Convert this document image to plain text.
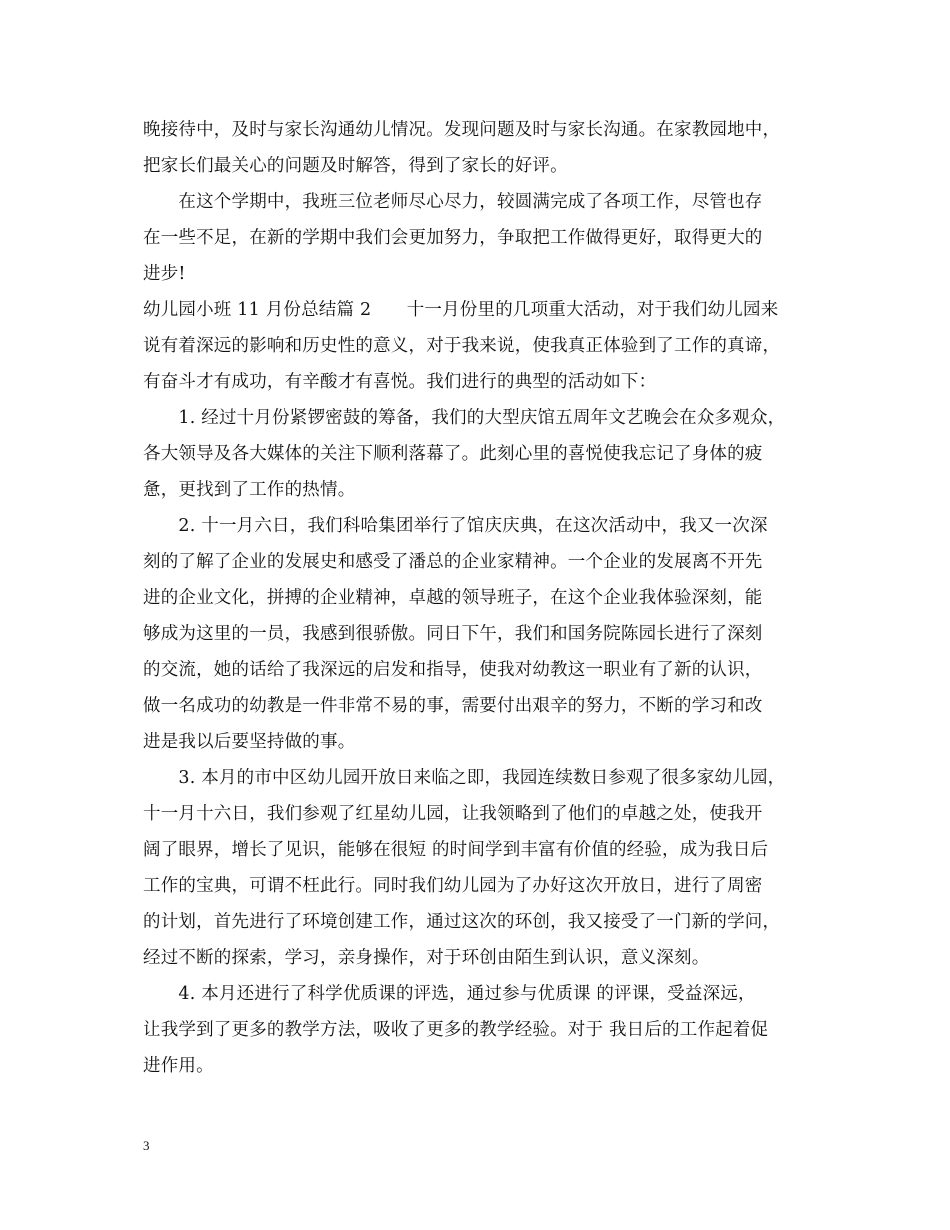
晚接待中，及时与家长沟通幼儿情况。发现问题及时与家长沟通。在家教园地中，
把家长们最关心的问题及时解答，得到了家长的好评。
　　在这个学期中，我班三位老师尽心尽力，较圆满完成了各项工作，尽管也存
在一些不足，在新的学期中我们会更加努力，争取把工作做得更好，取得更大的
进步!
幼儿园小班 11 月份总结篇 2　　十一月份里的几项重大活动，对于我们幼儿园来
说有着深远的影响和历史性的意义，对于我来说，使我真正体验到了工作的真谛，
有奋斗才有成功，有辛酸才有喜悦。我们进行的典型的活动如下：
　　1. 经过十月份紧锣密鼓的筹备，我们的大型庆馆五周年文艺晚会在众多观众，
各大领导及各大媒体的关注下顺利落幕了。此刻心里的喜悦使我忘记了身体的疲
惫，更找到了工作的热情。
　　2. 十一月六日，我们科哈集团举行了馆庆庆典，在这次活动中，我又一次深
刻的了解了企业的发展史和感受了潘总的企业家精神。一个企业的发展离不开先
进的企业文化，拼搏的企业精神，卓越的领导班子，在这个企业我体验深刻，能
够成为这里的一员，我感到很骄傲。同日下午，我们和国务院陈园长进行了深刻
的交流，她的话给了我深远的启发和指导，使我对幼教这一职业有了新的认识，
做一名成功的幼教是一件非常不易的事，需要付出艰辛的努力，不断的学习和改
进是我以后要坚持做的事。
　　3. 本月的市中区幼儿园开放日来临之即，我园连续数日参观了很多家幼儿园，
十一月十六日，我们参观了红星幼儿园，让我领略到了他们的卓越之处，使我开
阔了眼界，增长了见识，能够在很短 的时间学到丰富有价值的经验，成为我日后
工作的宝典，可谓不枉此行。同时我们幼儿园为了办好这次开放日，进行了周密
的计划，首先进行了环境创建工作，通过这次的环创，我又接受了一门新的学问，
经过不断的探索，学习，亲身操作，对于环创由陌生到认识，意义深刻。
　　4. 本月还进行了科学优质课的评选，通过参与优质课 的评课，受益深远，
让我学到了更多的教学方法，吸收了更多的教学经验。对于 我日后的工作起着促
进作用。
3
